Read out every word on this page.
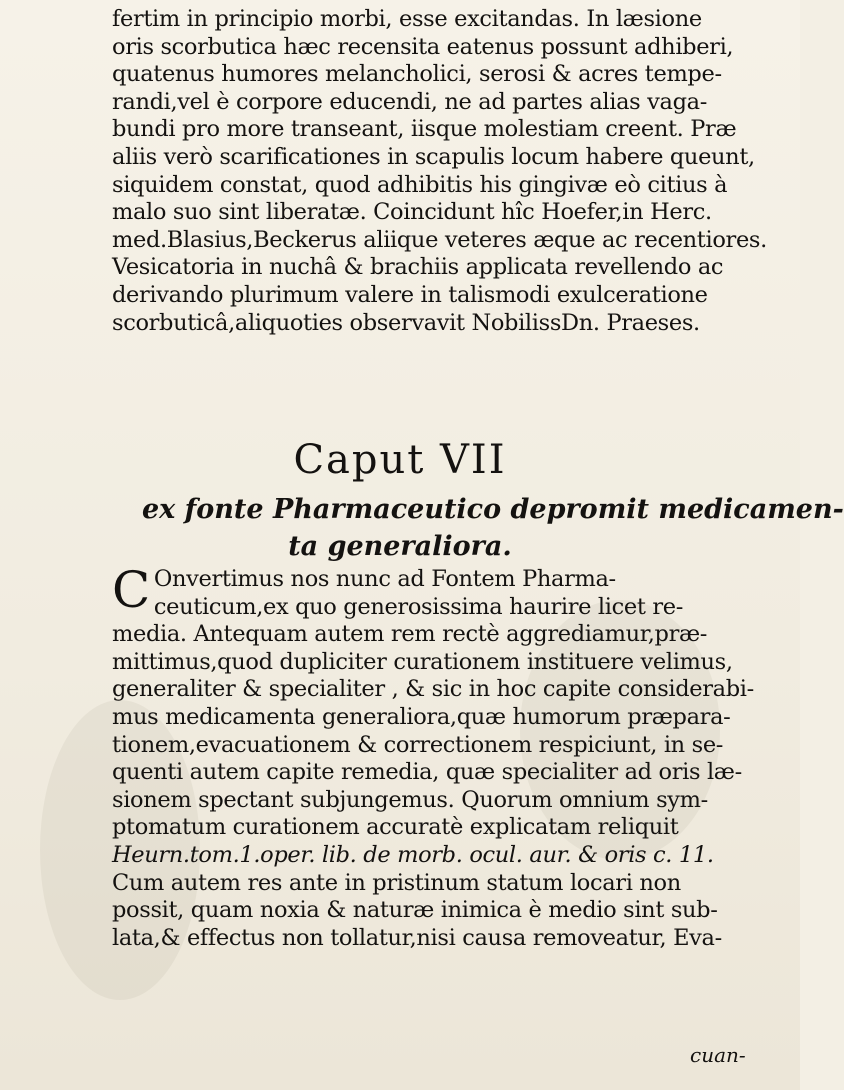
fertim in principio morbi, esse excitandas. In læsione
oris scorbutica hæc recensita eatenus possunt adhiberi,
quatenus humores melancholici, serosi & acres tempe-
randi,vel è corpore educendi, ne ad partes alias vaga-
bundi pro more transeant, iisque molestiam creent. Præ
aliis verò scarificationes in scapulis locum habere queunt,
siquidem constat, quod adhibitis his gingivæ eò citius à
malo suo sint liberatæ. Coincidunt hîc Hoefer,in Herc.
med.Blasius,Beckerus aliique veteres æque ac recentiores.
Vesicatoria in nuchâ & brachiis applicata revellendo ac
derivando plurimum valere in talismodi exulceratione
scorbuticâ,aliquoties observavit NobilissDn. Praeses.
Caput VII
ex fonte Pharmaceutico depromit medicamen-
ta generaliora.
C Onvertimus nos nunc ad Fontem Pharma-
ceuticum,ex quo generosissima haurire licet re-
media. Antequam autem rem rectè aggrediamur,præ-
mittimus,quod dupliciter curationem instituere velimus,
generaliter & specialiter , & sic in hoc capite considerabi-
mus medicamenta generaliora,quæ humorum præpara-
tionem,evacuationem & correctionem respiciunt, in se-
quenti autem capite remedia, quæ specialiter ad oris læ-
sionem spectant subjungemus. Quorum omnium sym-
ptomatum curationem accuratè explicatam reliquit
Heurn.tom.1.oper. lib. de morb. ocul. aur. & oris c. 11.
Cum autem res ante in pristinum statum locari non
possit, quam noxia & naturæ inimica è medio sint sub-
lata,& effectus non tollatur,nisi causa removeatur, Eva-
cuan-
